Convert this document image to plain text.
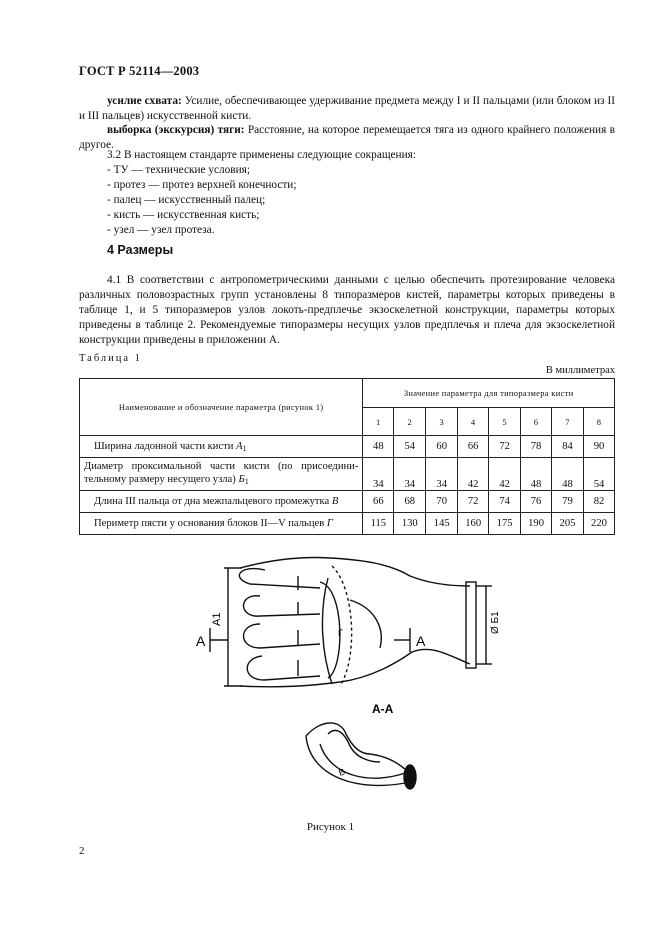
ГОСТ Р 52114—2003
усилие схвата: Усилие, обеспечивающее удерживание предмета между I и II пальцами (или блоком из II и III пальцев) искусственной кисти.
выборка (экскурсия) тяги: Расстояние, на которое перемещается тяга из одного крайнего положения в другое.
3.2 В настоящем стандарте применены следующие сокращения:
- ТУ — технические условия;
- протез — протез верхней конечности;
- палец — искусственный палец;
- кисть — искусственная кисть;
- узел — узел протеза.
4 Размеры
4.1 В соответствии с антропометрическими данными с целью обеспечить протезирование человека различных половозрастных групп установлены 8 типоразмеров кистей, параметры которых приведены в таблице 1, и 5 типоразмеров узлов локоть-предплечье экзоскелетной конструкции, параметры которых приведены в таблице 2. Рекомендуемые типоразмеры несущих узлов предплечья и плеча для экзоскелетной конструкции приведены в приложении А.
Таблица 1
В миллиметрах
Наименование и обозначение параметра (рисунок 1)	Значение параметра для типоразмера кисти							
	1	2	3	4	5	6	7	8
Ширина ладонной части кисти $A_1$	48	54	60	66	72	78	84	90
Диаметр проксимальной части кисти (по присоедини-тельному размеру несущего узла) $Б_1$	34	34	34	42	42	48	48	54
Длина III пальца от дна межпальцевого промежутка В	66	68	70	72	74	76	79	82
Периметр пясти у основания блоков II—V пальцев Г	115	130	145	160	175	190	205	220
A	A
A1	Ø Б1
Г
А-А
В
Рисунок 1
2
